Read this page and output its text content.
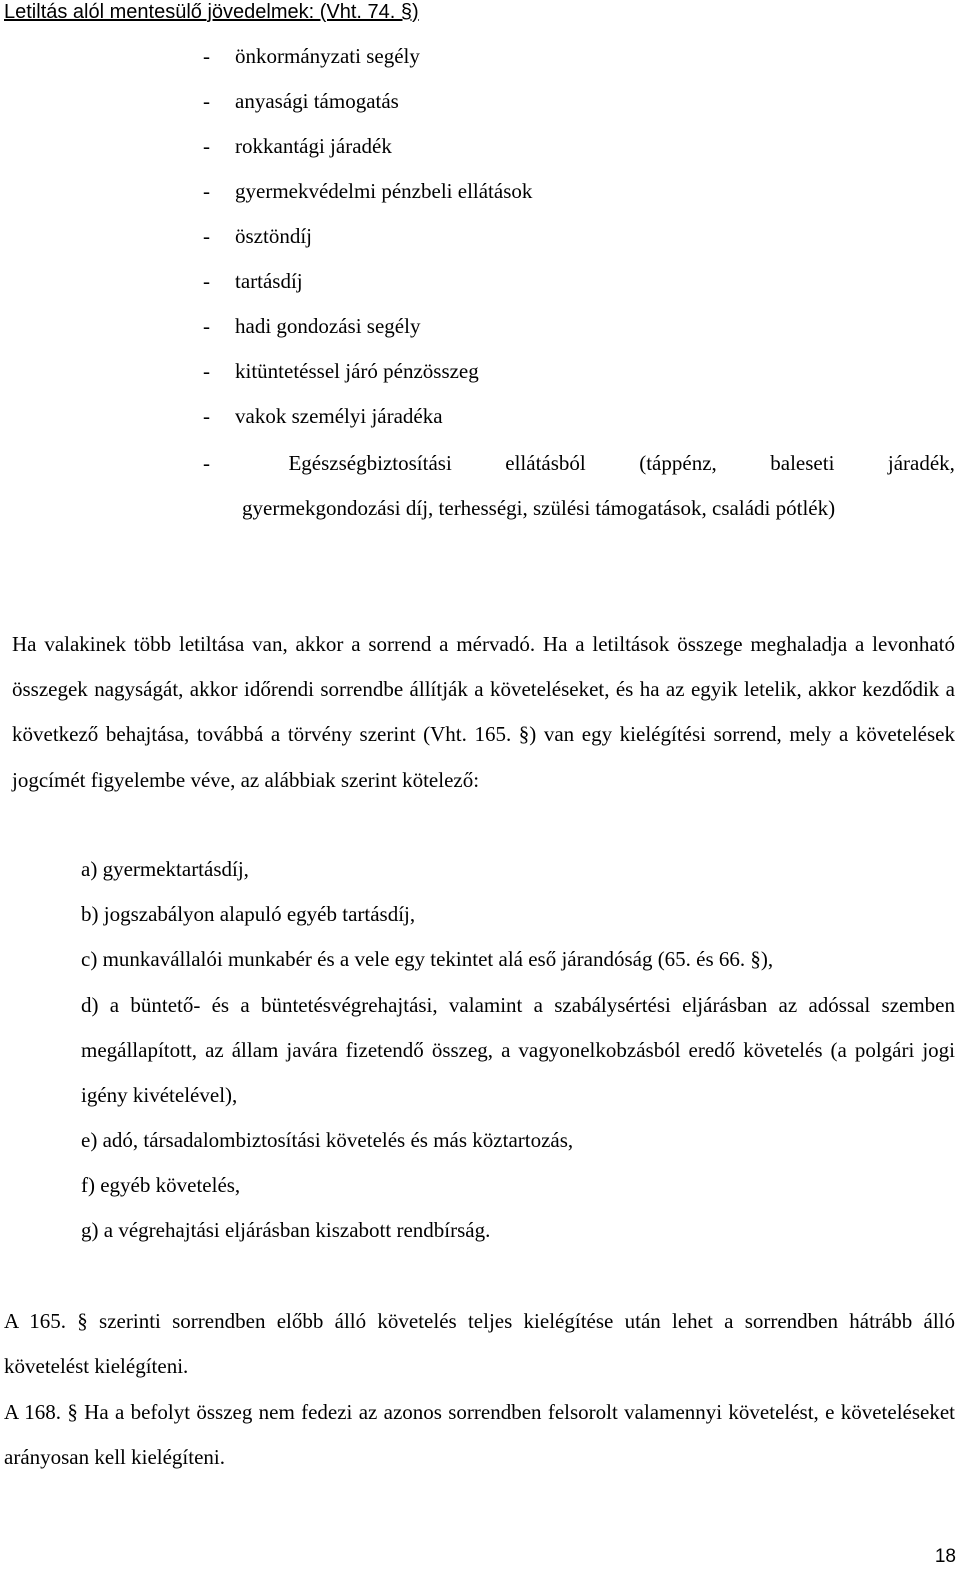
Letiltás alól mentesülő jövedelmek: (Vht. 74. §)
- önkormányzati segély
- anyasági támogatás
- rokkantági járadék
- gyermekvédelmi pénzbeli ellátások
- ösztöndíj
- tartásdíj
- hadi gondozási segély
- kitüntetéssel járó pénzösszeg
- vakok személyi járadéka
-	Egészségbiztosítási	ellátásból	(táppénz,	baleseti	járadék,
gyermekgondozási díj, terhességi, szülési támogatások, családi pótlék)
Ha valakinek több letiltása van, akkor a sorrend a mérvadó. Ha a letiltások összege meghaladja a levonható összegek nagyságát, akkor időrendi sorrendbe állítják a követeléseket, és ha az egyik letelik, akkor kezdődik a következő behajtása, továbbá a törvény szerint (Vht. 165. §) van egy kielégítési sorrend, mely a követelések jogcímét figyelembe véve, az alábbiak szerint kötelező:
a) gyermektartásdíj,
b) jogszabályon alapuló egyéb tartásdíj,
c) munkavállalói munkabér és a vele egy tekintet alá eső járandóság (65. és 66. §),
d) a büntető- és a büntetésvégrehajtási, valamint a szabálysértési eljárásban az adóssal szemben megállapított, az állam javára fizetendő összeg, a vagyonelkobzásból eredő követelés (a polgári jogi igény kivételével),
e) adó, társadalombiztosítási követelés és más köztartozás,
f) egyéb követelés,
g) a végrehajtási eljárásban kiszabott rendbírság.
A 165. § szerinti sorrendben előbb álló követelés teljes kielégítése után lehet a sorrendben hátrább álló követelést kielégíteni.
A 168. § Ha a befolyt összeg nem fedezi az azonos sorrendben felsorolt valamennyi követelést, e követeléseket arányosan kell kielégíteni.
18
